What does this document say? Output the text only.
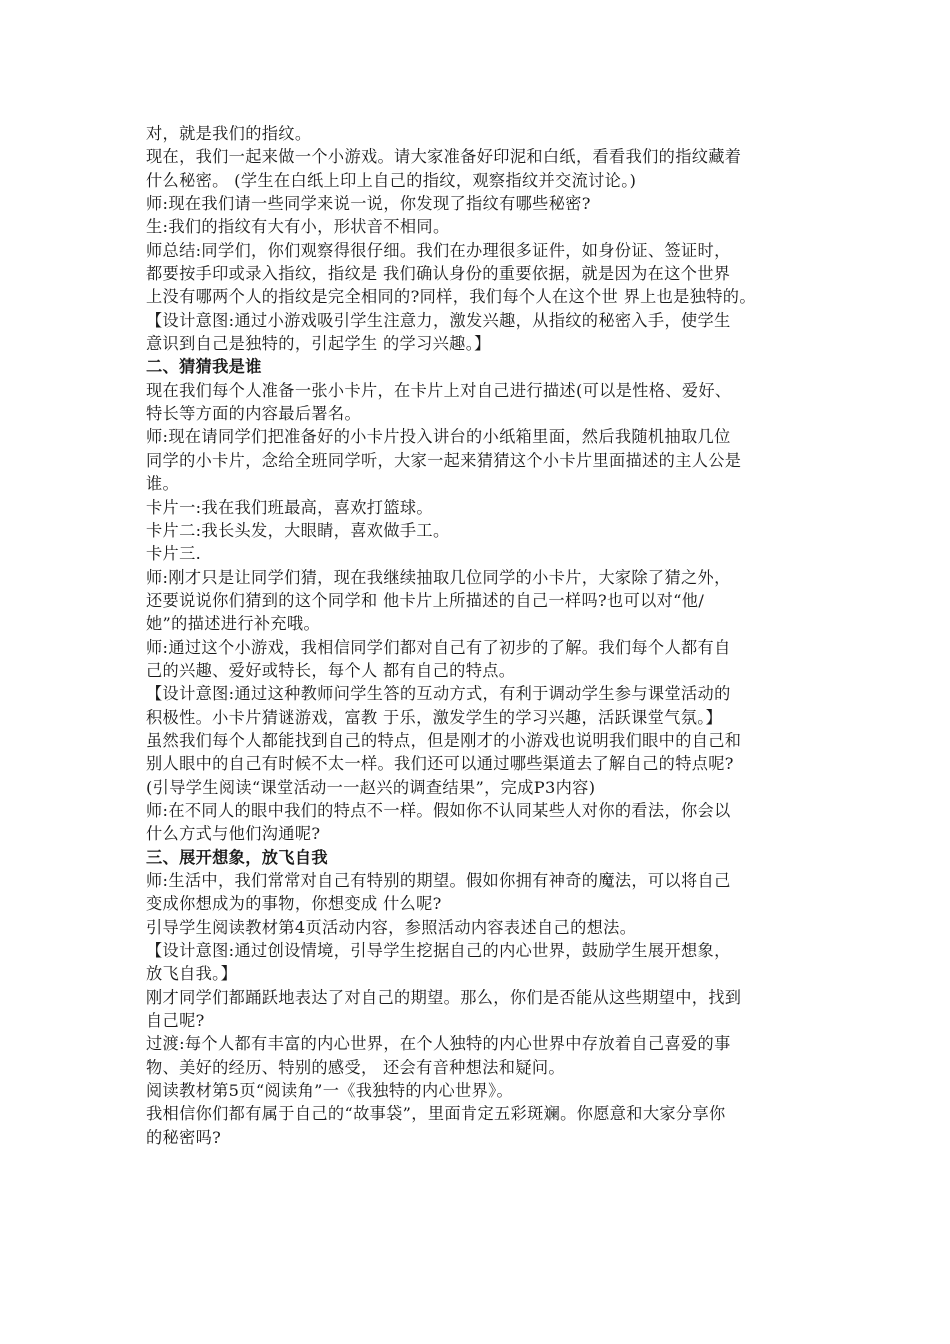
对，就是我们的指纹。
现在，我们一起来做一个小游戏。请大家准备好印泥和白纸，看看我们的指纹藏着
什么秘密。 (学生在白纸上印上自己的指纹，观察指纹并交流讨论。)
师:现在我们请一些同学来说一说，你发现了指纹有哪些秘密?
生:我们的指纹有大有小，形状音不相同。
师总结:同学们，你们观察得很仔细。我们在办理很多证件，如身份证、签证时，
都要按手印或录入指纹，指纹是 我们确认身份的重要依据，就是因为在这个世界
上没有哪两个人的指纹是完全相同的?同样，我们每个人在这个世 界上也是独特的。
【设计意图:通过小游戏吸引学生注意力，激发兴趣，从指纹的秘密入手，使学生
意识到自己是独特的，引起学生 的学习兴趣。】
二、猜猜我是谁
现在我们每个人准备一张小卡片，在卡片上对自己进行描述(可以是性格、爱好、
特长等方面的内容最后署名。
师:现在请同学们把准备好的小卡片投入讲台的小纸箱里面，然后我随机抽取几位
同学的小卡片，念给全班同学听，大家一起来猜猜这个小卡片里面描述的主人公是
谁。
卡片一:我在我们班最高，喜欢打篮球。
卡片二:我长头发，大眼睛，喜欢做手工。
卡片三.
师:刚才只是让同学们猜，现在我继续抽取几位同学的小卡片，大家除了猜之外，
还要说说你们猜到的这个同学和 他卡片上所描述的自己一样吗?也可以对“他/
她”的描述进行补充哦。
师:通过这个小游戏，我相信同学们都对自己有了初步的了解。我们每个人都有自
己的兴趣、爱好或特长，每个人 都有自己的特点。
【设计意图:通过这种教师问学生答的互动方式，有利于调动学生参与课堂活动的
积极性。小卡片猜谜游戏，富教 于乐，激发学生的学习兴趣，活跃课堂气氛。】
虽然我们每个人都能找到自己的特点，但是刚才的小游戏也说明我们眼中的自己和
别人眼中的自己有时候不太一样。我们还可以通过哪些渠道去了解自己的特点呢?
(引导学生阅读“课堂活动一一赵兴的调查结果”，完成P3内容)
师:在不同人的眼中我们的特点不一样。假如你不认同某些人对你的看法，你会以
什么方式与他们沟通呢?
三、展开想象，放飞自我
师:生活中，我们常常对自己有特别的期望。假如你拥有神奇的魔法，可以将自己
变成你想成为的事物，你想变成 什么呢?
引导学生阅读教材第4页活动内容，参照活动内容表述自己的想法。
【设计意图:通过创设情境，引导学生挖据自己的内心世界，鼓励学生展开想象，
放飞自我。】
刚才同学们都踊跃地表达了对自己的期望。那么，你们是否能从这些期望中，找到
自己呢?
过渡:每个人都有丰富的内心世界，在个人独特的内心世界中存放着自己喜爱的事
物、美好的经历、特别的感受， 还会有音种想法和疑问。
阅读教材第5页“阅读角”一《我独特的内心世界》。
我相信你们都有属于自己的“故事袋”，里面肯定五彩斑斓。你愿意和大家分享你
的秘密吗?
